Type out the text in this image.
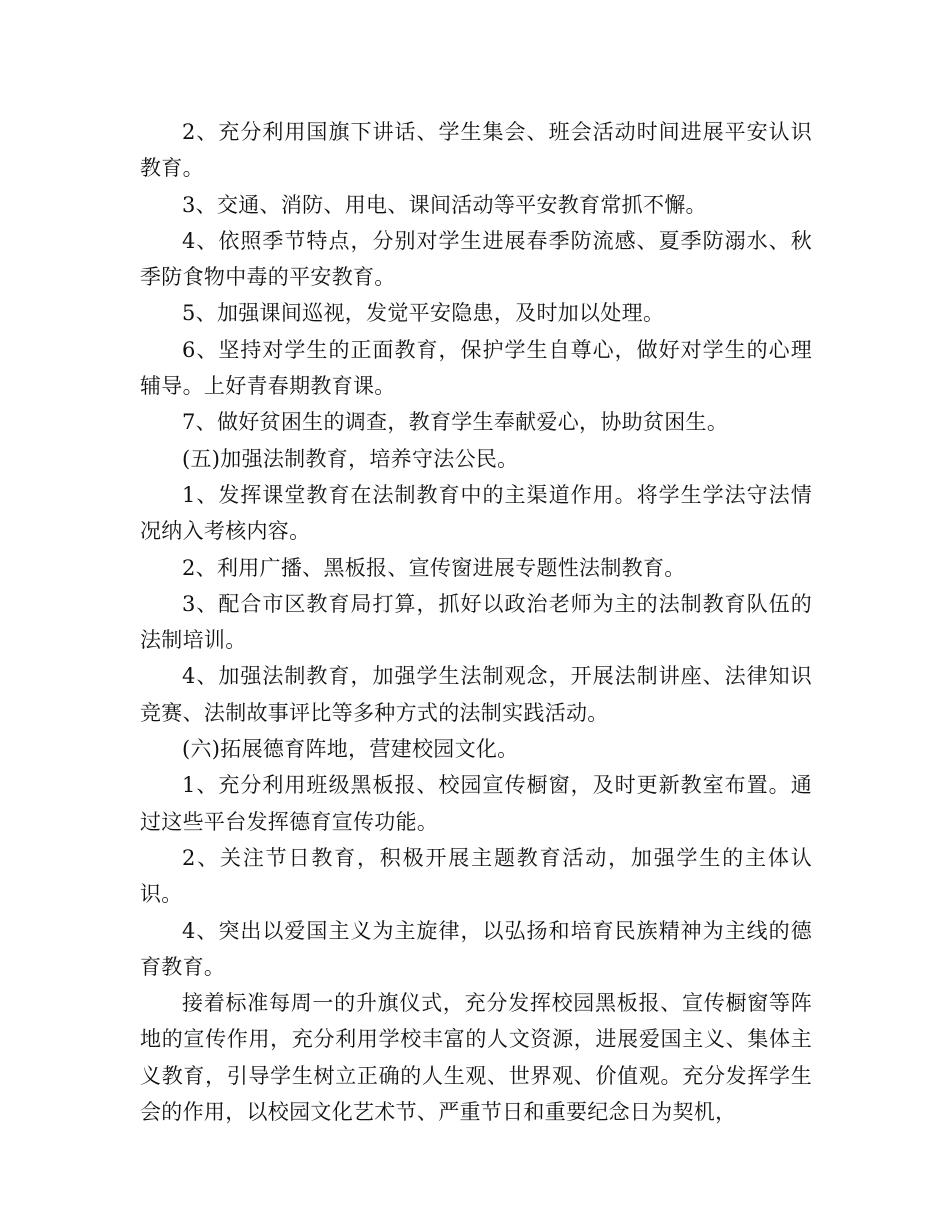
2、充分利用国旗下讲话、学生集会、班会活动时间进展平安认识教育。

3、交通、消防、用电、课间活动等平安教育常抓不懈。

4、依照季节特点，分别对学生进展春季防流感、夏季防溺水、秋季防食物中毒的平安教育。

5、加强课间巡视，发觉平安隐患，及时加以处理。

6、坚持对学生的正面教育，保护学生自尊心，做好对学生的心理辅导。上好青春期教育课。

7、做好贫困生的调查，教育学生奉献爱心，协助贫困生。

(五)加强法制教育，培养守法公民。

1、发挥课堂教育在法制教育中的主渠道作用。将学生学法守法情况纳入考核内容。

2、利用广播、黑板报、宣传窗进展专题性法制教育。

3、配合市区教育局打算，抓好以政治老师为主的法制教育队伍的法制培训。

4、加强法制教育，加强学生法制观念，开展法制讲座、法律知识竞赛、法制故事评比等多种方式的法制实践活动。

(六)拓展德育阵地，营建校园文化。

1、充分利用班级黑板报、校园宣传橱窗，及时更新教室布置。通过这些平台发挥德育宣传功能。

2、关注节日教育，积极开展主题教育活动，加强学生的主体认识。

4、突出以爱国主义为主旋律，以弘扬和培育民族精神为主线的德育教育。

接着标准每周一的升旗仪式，充分发挥校园黑板报、宣传橱窗等阵地的宣传作用，充分利用学校丰富的人文资源，进展爱国主义、集体主义教育，引导学生树立正确的人生观、世界观、价值观。充分发挥学生会的作用，以校园文化艺术节、严重节日和重要纪念日为契机，
